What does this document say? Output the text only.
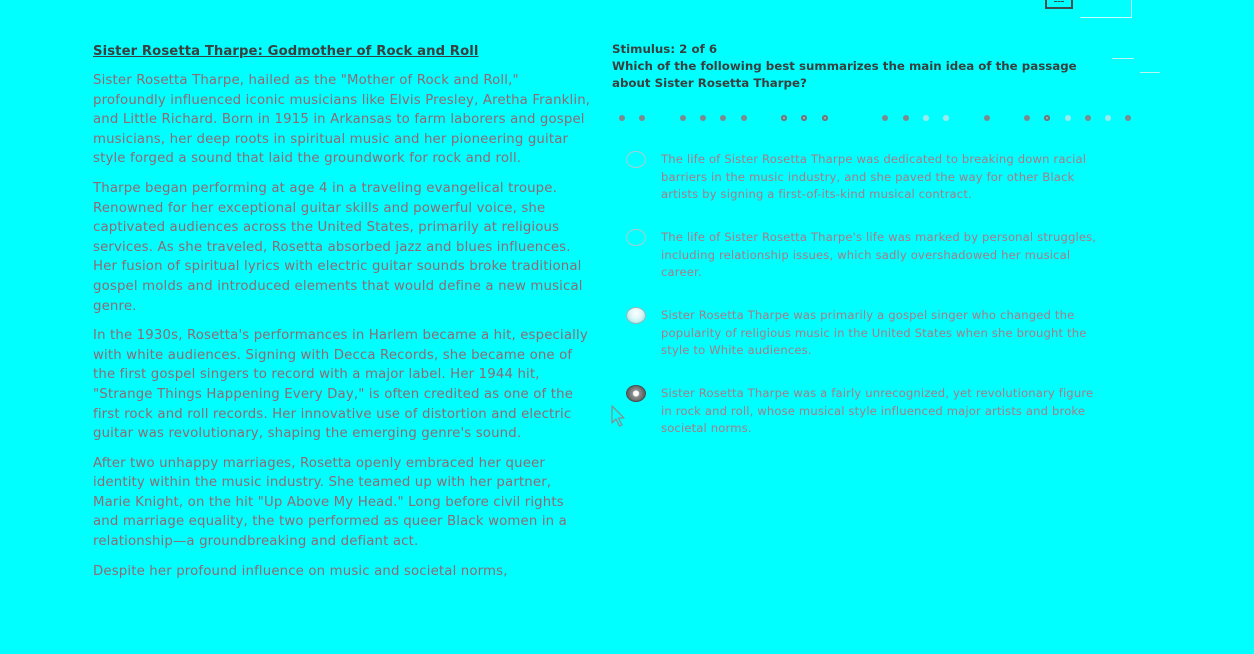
Sister Rosetta Tharpe: Godmother of Rock and Roll

Sister Rosetta Tharpe, hailed as the "Mother of Rock and Roll," profoundly influenced iconic musicians like Elvis Presley, Aretha Franklin, and Little Richard. Born in 1915 in Arkansas to farm laborers and gospel musicians, her deep roots in spiritual music and her pioneering guitar style forged a sound that laid the groundwork for rock and roll.

Tharpe began performing at age 4 in a traveling evangelical troupe. Renowned for her exceptional guitar skills and powerful voice, she captivated audiences across the United States, primarily at religious services. As she traveled, Rosetta absorbed jazz and blues influences. Her fusion of spiritual lyrics with electric guitar sounds broke traditional gospel molds and introduced elements that would define a new musical genre.

In the 1930s, Rosetta's performances in Harlem became a hit, especially with white audiences. Signing with Decca Records, she became one of the first gospel singers to record with a major label. Her 1944 hit, "Strange Things Happening Every Day," is often credited as one of the first rock and roll records. Her innovative use of distortion and electric guitar was revolutionary, shaping the emerging genre's sound.

After two unhappy marriages, Rosetta openly embraced her queer identity within the music industry. She teamed up with her partner, Marie Knight, on the hit "Up Above My Head." Long before civil rights and marriage equality, the two performed as queer Black women in a relationship—a groundbreaking and defiant act.

Despite her profound influence on music and societal norms,

Stimulus: 2 of 6
Which of the following best summarizes the main idea of the passage about Sister Rosetta Tharpe?
The life of Sister Rosetta Tharpe was dedicated to breaking down racial barriers in the music industry, and she paved the way for other Black artists by signing a first-of-its-kind musical contract.
The life of Sister Rosetta Tharpe's life was marked by personal struggles, including relationship issues, which sadly overshadowed her musical career.
Sister Rosetta Tharpe was primarily a gospel singer who changed the popularity of religious music in the United States when she brought the style to White audiences.
Sister Rosetta Tharpe was a fairly unrecognized, yet revolutionary figure in rock and roll, whose musical style influenced major artists and broke societal norms.
